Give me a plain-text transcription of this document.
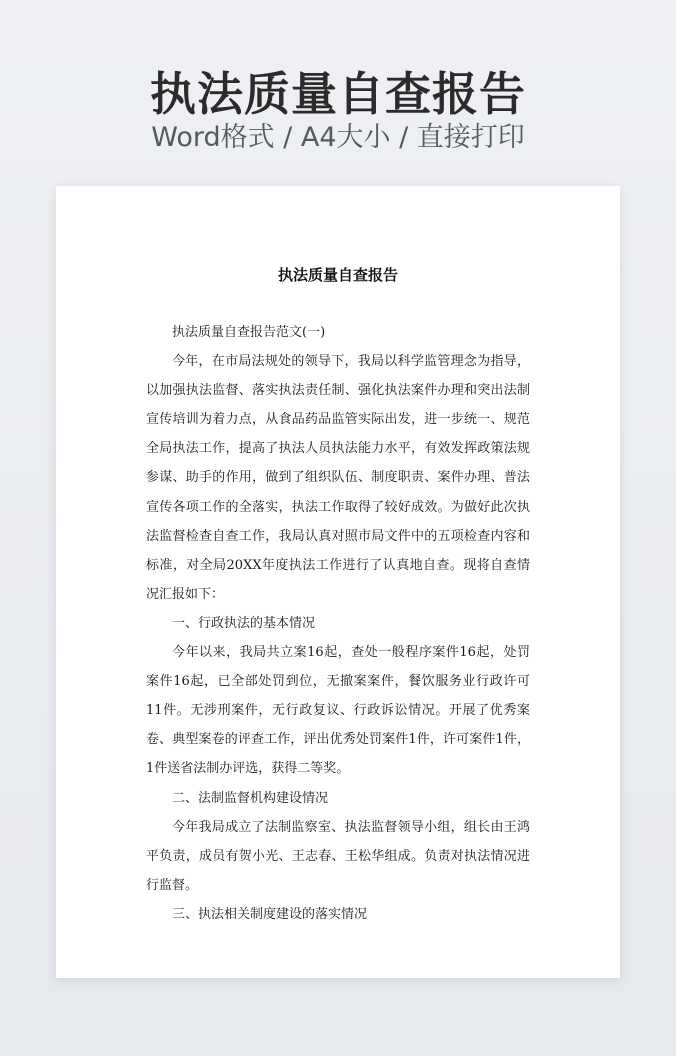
执法质量自查报告
Word格式 / A4大小 / 直接打印
执法质量自查报告

执法质量自查报告范文(一)

今年，在市局法规处的领导下，我局以科学监管理念为指导，以加强执法监督、落实执法责任制、强化执法案件办理和突出法制宣传培训为着力点，从食品药品监管实际出发，进一步统一、规范全局执法工作，提高了执法人员执法能力水平，有效发挥政策法规参谋、助手的作用，做到了组织队伍、制度职责、案件办理、普法宣传各项工作的全落实，执法工作取得了较好成效。为做好此次执法监督检查自查工作，我局认真对照市局文件中的五项检查内容和标准，对全局20XX年度执法工作进行了认真地自查。现将自查情况汇报如下：

一、行政执法的基本情况

今年以来，我局共立案16起，查处一般程序案件16起，处罚案件16起，已全部处罚到位，无撤案案件，餐饮服务业行政许可11件。无涉刑案件，无行政复议、行政诉讼情况。开展了优秀案卷、典型案卷的评查工作，评出优秀处罚案件1件，许可案件1件，1件送省法制办评选，获得二等奖。

二、法制监督机构建设情况

今年我局成立了法制监察室、执法监督领导小组，组长由王鸿平负责，成员有贺小光、王志春、王松华组成。负责对执法情况进行监督。

三、执法相关制度建设的落实情况
